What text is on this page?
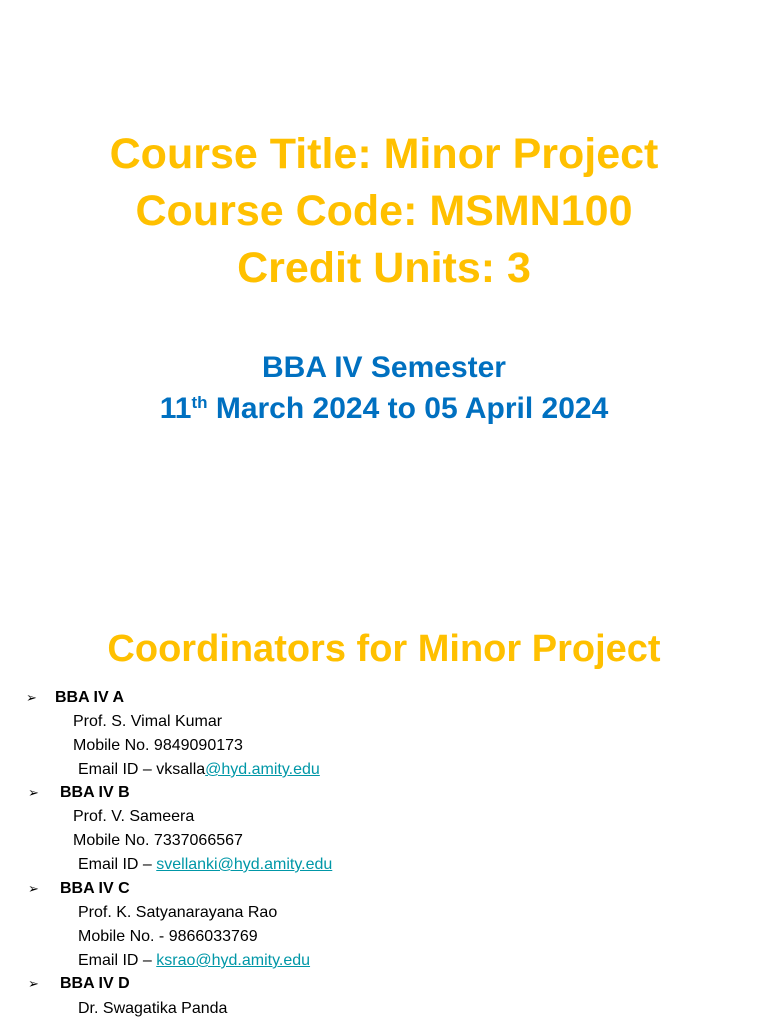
Course Title: Minor Project
Course Code: MSMN100
Credit Units: 3
BBA IV Semester
11th March 2024 to 05 April 2024
Coordinators for Minor Project
➢ BBA IV A
Prof. S. Vimal Kumar
Mobile No. 9849090173
Email ID – vksalla@hyd.amity.edu
➢ BBA IV B
Prof. V. Sameera
Mobile No. 7337066567
Email ID – svellanki@hyd.amity.edu
➢ BBA IV C
Prof. K. Satyanarayana Rao
Mobile No. - 9866033769
Email ID – ksrao@hyd.amity.edu
➢ BBA IV D
Dr. Swagatika Panda
